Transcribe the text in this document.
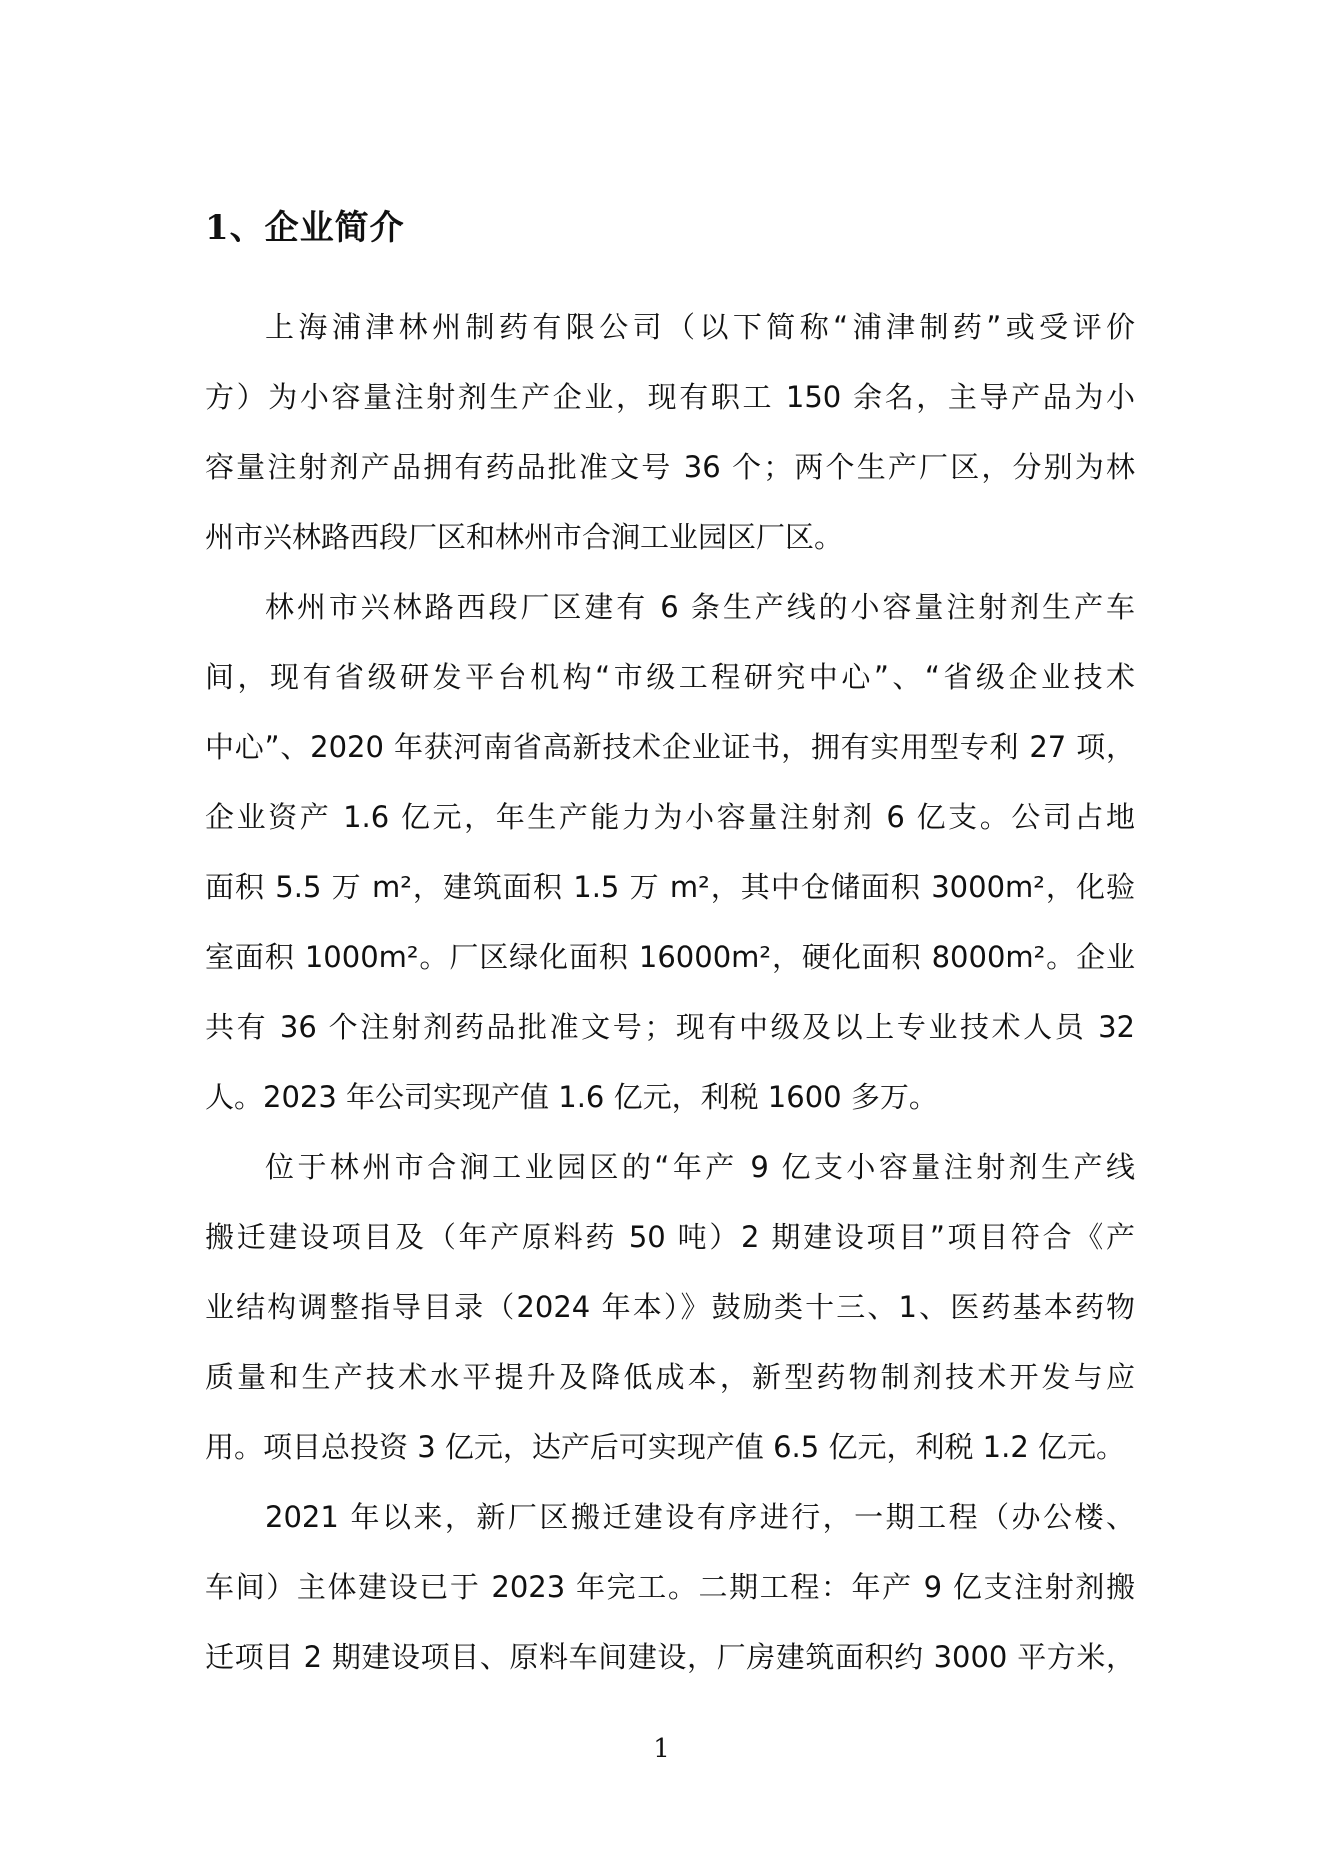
1、企业简介
上海浦津林州制药有限公司（以下简称“浦津制药”或受评价
方）为小容量注射剂生产企业，现有职工 150 余名，主导产品为小
容量注射剂产品拥有药品批准文号 36 个；两个生产厂区，分别为林
州市兴林路西段厂区和林州市合涧工业园区厂区。
林州市兴林路西段厂区建有 6 条生产线的小容量注射剂生产车
间，现有省级研发平台机构“市级工程研究中心”、“省级企业技术
中心”、2020 年获河南省高新技术企业证书，拥有实用型专利 27 项，
企业资产 1.6 亿元，年生产能力为小容量注射剂 6 亿支。公司占地
面积 5.5 万 m²，建筑面积 1.5 万 m²，其中仓储面积 3000m²，化验
室面积 1000m²。厂区绿化面积 16000m²，硬化面积 8000m²。企业
共有 36 个注射剂药品批准文号；现有中级及以上专业技术人员 32
人。2023 年公司实现产值 1.6 亿元，利税 1600 多万。
位于林州市合涧工业园区的“年产 9 亿支小容量注射剂生产线
搬迁建设项目及（年产原料药 50 吨）2 期建设项目”项目符合《产
业结构调整指导目录（2024 年本）》鼓励类十三、1、医药基本药物
质量和生产技术水平提升及降低成本，新型药物制剂技术开发与应
用。项目总投资 3 亿元，达产后可实现产值 6.5 亿元，利税 1.2 亿元。
2021 年以来，新厂区搬迁建设有序进行，一期工程（办公楼、
车间）主体建设已于 2023 年完工。二期工程：年产 9 亿支注射剂搬
迁项目 2 期建设项目、原料车间建设，厂房建筑面积约 3000 平方米，
1
